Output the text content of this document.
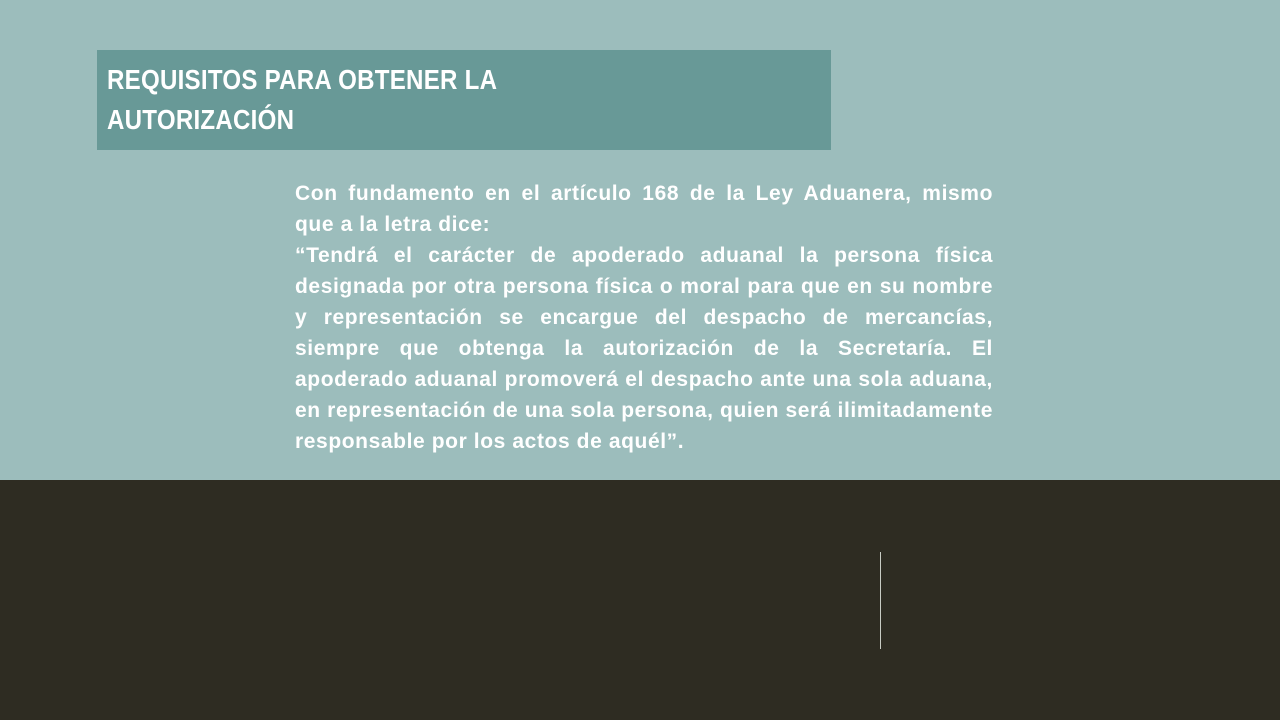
REQUISITOS PARA OBTENER LA
AUTORIZACIÓN

Con fundamento en el artículo 168 de la Ley Aduanera, mismo que a la letra dice:

“Tendrá el carácter de apoderado aduanal la persona física designada por otra persona física o moral para que en su nombre y representación se encargue del despacho de mercancías, siempre que obtenga la autorización de la Secretaría. El apoderado aduanal promoverá el despacho ante una sola aduana, en representación de una sola persona, quien será ilimitadamente responsable por los actos de aquél”.
